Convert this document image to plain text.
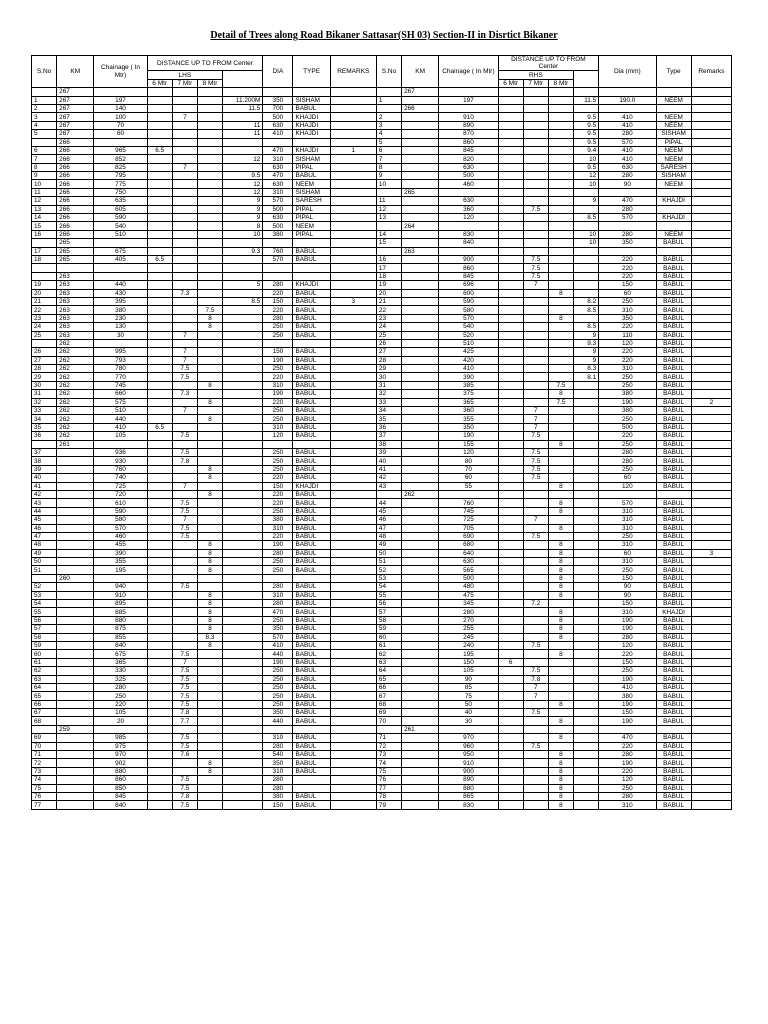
Detail of Trees along Road Bikaner Sattasar(SH 03) Section-II in Disrtict Bikaner
S.No	KM	Chainage ( In Mtr)	DISTANCE UP TO FROM Center				DIA	TYPE	REMARKS	S.No	KM	Chainage ( In Mtr)	DISTANCE UP TO FROM Center				Dia (mm)	Type	Remarks
			LHS										RHS						
			6 Mtr	7 Mtr	8 Mtr								6 Mtr	7 Mtr	8 Mtr				
	267										267								
1	267	197				11.200M	350	SISHAM		1		197				11.5	190.0	NEEM	
2	267	140				11.5	700	BABUL			266								
3	267	100		7			500	KHAJDI		2		910				9.5	410	NEEM	
4	267	70				11	630	KHAJDI		3		890				9.5	410	NEEM	
5	267	60				11	410	KHAJDI		4		870				9.5	280	SISHAM	
	266									5		860				9.5	570	PIPAL	
6	266	965	6.5				470	KHAJDI	1	6		845				9.4	410	NEEM	
7	266	852				12	310	SISHAM		7		820				10	410	NEEM	
8	266	825		7			630	PIPAL		8		630				9.5	630	SARESH	
9	266	795				9.5	470	BABUL		9		500				12	280	SISHAM	
10	266	775				12	630	NEEM		10		460				10	90	NEEM	
11	266	750				12	310	SISHAM			265								
12	266	635				9	570	SARESH		11		630				9	470	KHAJDI	
13	266	605				9	500	PIPAL		12		360		7.5			280		
14	266	590				9	630	PIPAL		13		120				8.5	570	KHAJDI	
15	266	540				8	500	NEEM			264								
16	266	510				10	380	PIPAL		14		830				10	280	NEEM	
	265									15		840				10	350	BABUL	
17	265	675				9.3	760	BABUL			263								
18	265	405	6.5				570	BABUL		16		900		7.5			220	BABUL	
										17		860		7.5			220	BABUL	
	263									18		845		7.5			220	BABUL	
19	263	440				5	280	KHAJDI		19		696		7			150	BABUL	
20	263	430		7.3			220	BABUL		20		600			8		60	BABUL	
21	263	395				8.5	150	BABUL	3	21		590				8.2	250	BABUL	
22	263	380			7.5		220	BABUL		22		580				8.5	310	BABUL	
23	263	230			8		280	BABUL		23		570			8		350	BABUL	
24	263	130			8		250	BABUL		24		540				8.5	220	BABUL	
25	263	30		7			250	BABUL		25		520				9	110	BABUL	
	262									26		510				9.3	120	BABUL	
26	262	995		7			150	BABUL		27		425				9	220	BABUL	
27	262	793		7			190	BABUL		28		420				9	220	BABUL	
28	262	780		7.5			250	BABUL		29		410				8.3	310	BABUL	
29	262	770		7.5			220	BABUL		30		390				8.1	250	BABUL	
30	262	745			8		310	BABUL		31		385			7.5		250	BABUL	
31	262	660		7.3			190	BABUL		32		375			8		380	BABUL	
32	262	575			8		220	BABUL		33		365			7.5		190	BABUL	2
33	262	510		7			250	BABUL		34		360		7			380	BABUL	
34	262	440			8		250	BABUL		35		355		7			250	BABUL	
35	262	410	6.5				310	BABUL		36		350		7			500	BABUL	
36	262	105		7.5			120	BABUL		37		190		7.5			220	BABUL	
	261									38		155			8		250	BABUL	
37		936		7.5			250	BABUL		39		120		7.5			280	BABUL	
38		930		7.8			250	BABUL		40		80		7.5			280	BABUL	
39		760			8		250	BABUL		41		70		7.5			250	BABUL	
40		740			8		220	BABUL		42		60		7.5			60	BABUL	
41		725		7			150	KHAJDI		43		55			8		120	BABUL	
42		720			8		220	BABUL			262								
43		610		7.5			220	BABUL		44		760			8		570	BABUL	
44		590		7.5			250	BABUL		45		745			8		310	BABUL	
45		580		7			380	BABUL		46		725		7			310	BABUL	
46		570		7.5			310	BABUL		47		705			8		310	BABUL	
47		460		7.5			220	BABUL		48		690		7.5			250	BABUL	
48		455			8		190	BABUL		49		680			8		310	BABUL	
49		390			8		280	BABUL		50		640			8		60	BABUL	3
50		355			8		250	BABUL		51		630			8		310	BABUL	
51		195			8		250	BABUL		52		565			8		250	BABUL	
	260									53		500			8		150	BABUL	
52		940		7.5			280	BABUL		54		480			8		90	BABUL	
53		910			8		310	BABUL		55		475			8		90	BABUL	
54		895			8		280	BABUL		56		345		7.2			150	BABUL	
55		885			8		470	BABUL		57		280			8		310	KHAJDI	
56		880			8		250	BABUL		58		270			8		190	BABUL	
57		875			8		350	BABUL		59		255			8		190	BABUL	
58		855			8.3		570	BABUL		60		245			8		280	BABUL	
59		840			8		410	BABUL		61		240		7.5			120	BABUL	
60		675		7.5			440	BABUL		62		195			8		220	BABUL	
61		365		7			190	BABUL		63		150	6				150	BABUL	
62		330		7.5			250	BABUL		64		105		7.5			250	BABUL	
63		325		7.5			250	BABUL		65		90		7.8			190	BABUL	
64		280		7.5			250	BABUL		66		85		7			410	BABUL	
65		250		7.5			250	BABUL		67		75		7			380	BABUL	
66		220		7.5			250	BABUL		68		50			8		190	BABUL	
67		105		7.8			350	BABUL		69		40		7.5			150	BABUL	
68		20		7.7			440	BABUL		70		30			8		190	BABUL	
	259										261								
69		985		7.5			310	BABUL		71		970			8		470	BABUL	
70		975		7.5			280	BABUL		72		960		7.5			220	BABUL	
71		970		7.6			540	BABUL		73		950			8		280	BABUL	
72		902			8		350	BABUL		74		910			8		190	BABUL	
73		880			8		310	BABUL		75		900			8		220	BABUL	
74		860		7.5			280			76		890			8		120	BABUL	
75		850		7.5			280			77		880			8		250	BABUL	
76		845		7.8			380	BABUL		78		865			8		280	BABUL	
77		840		7.5			150	BABUL		79		830			8		310	BABUL	
